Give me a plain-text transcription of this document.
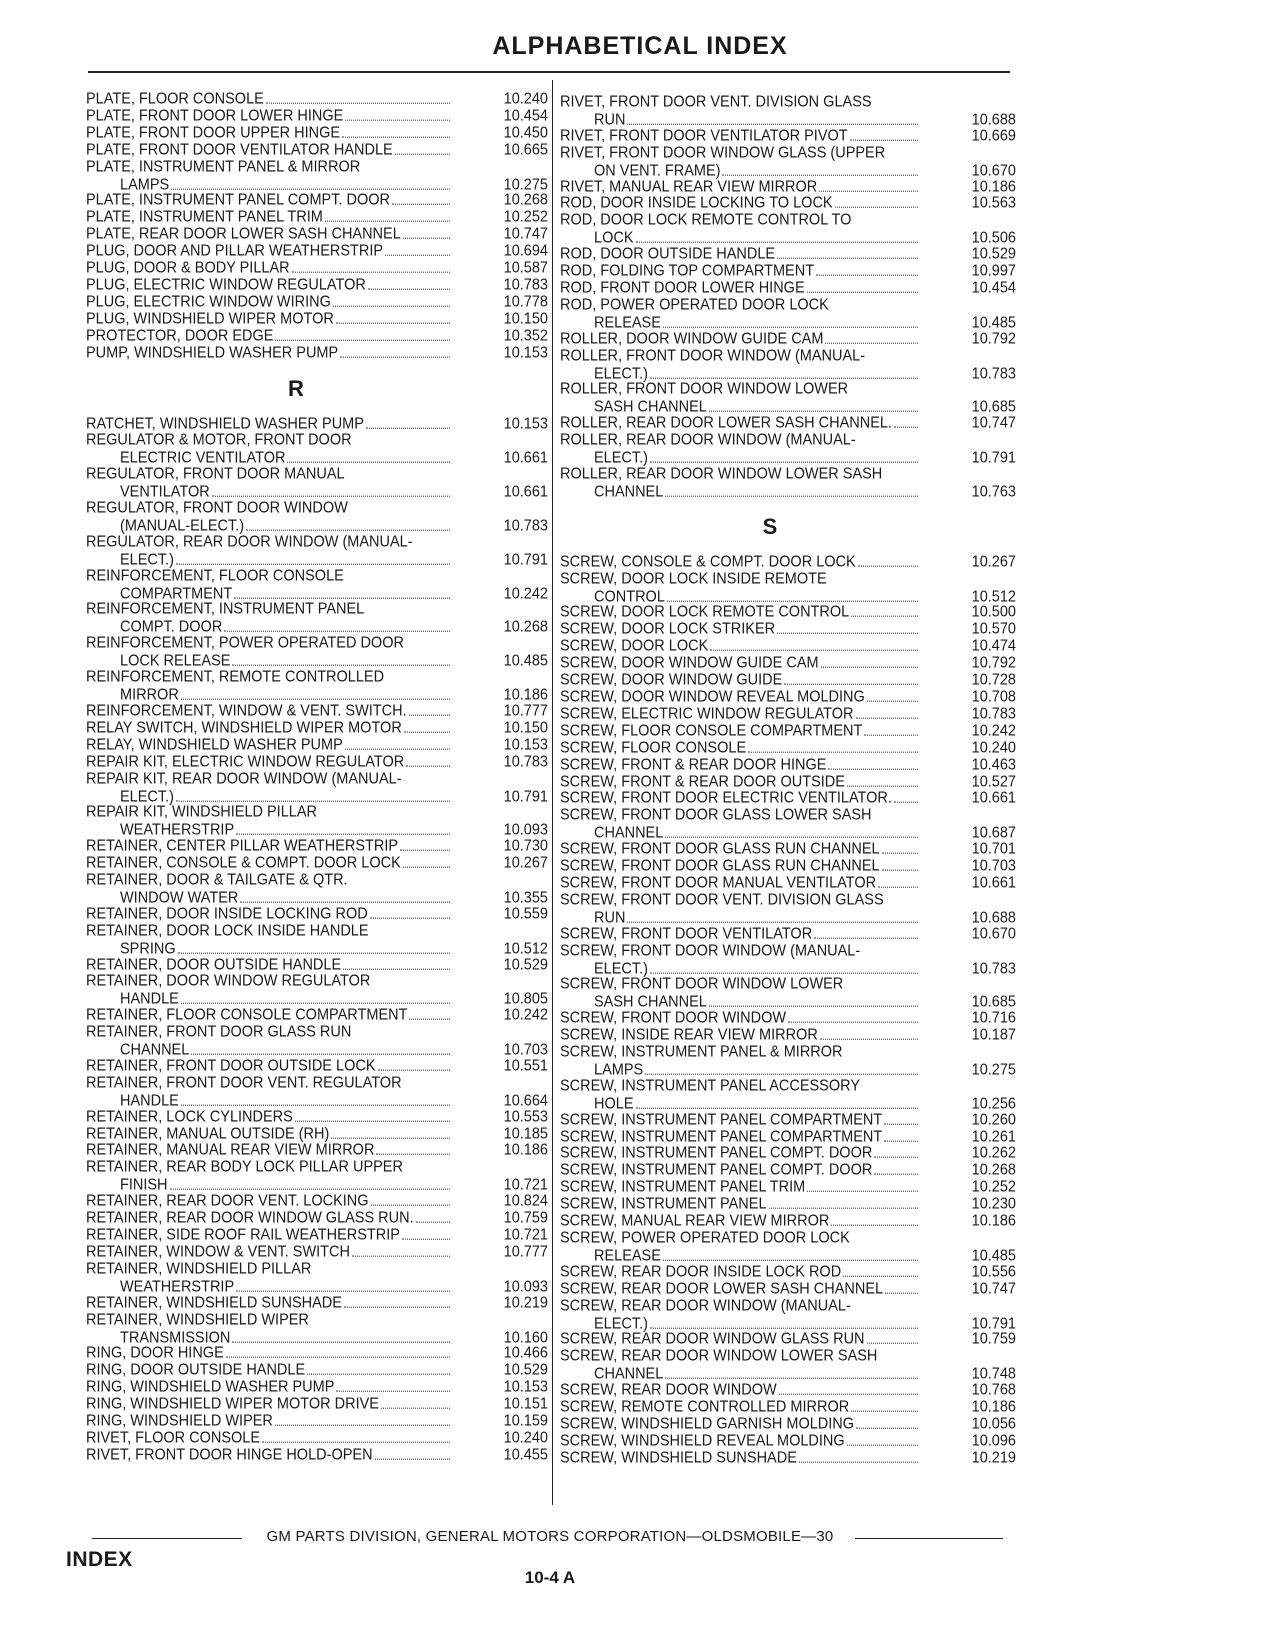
ALPHABETICAL INDEX
PLATE, FLOOR CONSOLE	10.240
PLATE, FRONT DOOR LOWER HINGE	10.454
PLATE, FRONT DOOR UPPER HINGE	10.450
PLATE, FRONT DOOR VENTILATOR HANDLE	10.665
PLATE, INSTRUMENT PANEL & MIRROR
LAMPS	10.275
PLATE, INSTRUMENT PANEL COMPT. DOOR	10.268
PLATE, INSTRUMENT PANEL TRIM	10.252
PLATE, REAR DOOR LOWER SASH CHANNEL	10.747
PLUG, DOOR AND PILLAR WEATHERSTRIP	10.694
PLUG, DOOR & BODY PILLAR	10.587
PLUG, ELECTRIC WINDOW REGULATOR	10.783
PLUG, ELECTRIC WINDOW WIRING	10.778
PLUG, WINDSHIELD WIPER MOTOR	10.150
PROTECTOR, DOOR EDGE	10.352
PUMP, WINDSHIELD WASHER PUMP	10.153
R
RATCHET, WINDSHIELD WASHER PUMP	10.153
REGULATOR & MOTOR, FRONT DOOR
ELECTRIC VENTILATOR	10.661
REGULATOR, FRONT DOOR MANUAL
VENTILATOR	10.661
REGULATOR, FRONT DOOR WINDOW
(MANUAL-ELECT.)	10.783
REGULATOR, REAR DOOR WINDOW (MANUAL-
ELECT.)	10.791
REINFORCEMENT, FLOOR CONSOLE
COMPARTMENT	10.242
REINFORCEMENT, INSTRUMENT PANEL
COMPT. DOOR	10.268
REINFORCEMENT, POWER OPERATED DOOR
LOCK RELEASE	10.485
REINFORCEMENT, REMOTE CONTROLLED
MIRROR	10.186
REINFORCEMENT, WINDOW & VENT. SWITCH.	10.777
RELAY SWITCH, WINDSHIELD WIPER MOTOR	10.150
RELAY, WINDSHIELD WASHER PUMP	10.153
REPAIR KIT, ELECTRIC WINDOW REGULATOR	10.783
REPAIR KIT, REAR DOOR WINDOW (MANUAL-
ELECT.)	10.791
REPAIR KIT, WINDSHIELD PILLAR
WEATHERSTRIP	10.093
RETAINER, CENTER PILLAR WEATHERSTRIP	10.730
RETAINER, CONSOLE & COMPT. DOOR LOCK	10.267
RETAINER, DOOR & TAILGATE & QTR.
WINDOW WATER	10.355
RETAINER, DOOR INSIDE LOCKING ROD	10.559
RETAINER, DOOR LOCK INSIDE HANDLE
SPRING	10.512
RETAINER, DOOR OUTSIDE HANDLE	10.529
RETAINER, DOOR WINDOW REGULATOR
HANDLE	10.805
RETAINER, FLOOR CONSOLE COMPARTMENT	10.242
RETAINER, FRONT DOOR GLASS RUN
CHANNEL	10.703
RETAINER, FRONT DOOR OUTSIDE LOCK	10.551
RETAINER, FRONT DOOR VENT. REGULATOR
HANDLE	10.664
RETAINER, LOCK CYLINDERS	10.553
RETAINER, MANUAL OUTSIDE (RH)	10.185
RETAINER, MANUAL REAR VIEW MIRROR	10.186
RETAINER, REAR BODY LOCK PILLAR UPPER
FINISH	10.721
RETAINER, REAR DOOR VENT. LOCKING	10.824
RETAINER, REAR DOOR WINDOW GLASS RUN.	10.759
RETAINER, SIDE ROOF RAIL WEATHERSTRIP	10.721
RETAINER, WINDOW & VENT. SWITCH	10.777
RETAINER, WINDSHIELD PILLAR
WEATHERSTRIP	10.093
RETAINER, WINDSHIELD SUNSHADE	10.219
RETAINER, WINDSHIELD WIPER
TRANSMISSION	10.160
RING, DOOR HINGE	10.466
RING, DOOR OUTSIDE HANDLE	10.529
RING, WINDSHIELD WASHER PUMP	10.153
RING, WINDSHIELD WIPER MOTOR DRIVE	10.151
RING, WINDSHIELD WIPER	10.159
RIVET, FLOOR CONSOLE	10.240
RIVET, FRONT DOOR HINGE HOLD-OPEN	10.455
RIVET, FRONT DOOR VENT. DIVISION GLASS
RUN	10.688
RIVET, FRONT DOOR VENTILATOR PIVOT	10.669
RIVET, FRONT DOOR WINDOW GLASS (UPPER
ON VENT. FRAME)	10.670
RIVET, MANUAL REAR VIEW MIRROR	10.186
ROD, DOOR INSIDE LOCKING TO LOCK	10.563
ROD, DOOR LOCK REMOTE CONTROL TO
LOCK	10.506
ROD, DOOR OUTSIDE HANDLE	10.529
ROD, FOLDING TOP COMPARTMENT	10.997
ROD, FRONT DOOR LOWER HINGE	10.454
ROD, POWER OPERATED DOOR LOCK
RELEASE	10.485
ROLLER, DOOR WINDOW GUIDE CAM	10.792
ROLLER, FRONT DOOR WINDOW (MANUAL-
ELECT.)	10.783
ROLLER, FRONT DOOR WINDOW LOWER
SASH CHANNEL	10.685
ROLLER, REAR DOOR LOWER SASH CHANNEL.	10.747
ROLLER, REAR DOOR WINDOW (MANUAL-
ELECT.)	10.791
ROLLER, REAR DOOR WINDOW LOWER SASH
CHANNEL	10.763
S
SCREW, CONSOLE & COMPT. DOOR LOCK	10.267
SCREW, DOOR LOCK INSIDE REMOTE
CONTROL	10.512
SCREW, DOOR LOCK REMOTE CONTROL	10.500
SCREW, DOOR LOCK STRIKER	10.570
SCREW, DOOR LOCK	10.474
SCREW, DOOR WINDOW GUIDE CAM	10.792
SCREW, DOOR WINDOW GUIDE	10.728
SCREW, DOOR WINDOW REVEAL MOLDING	10.708
SCREW, ELECTRIC WINDOW REGULATOR	10.783
SCREW, FLOOR CONSOLE COMPARTMENT	10.242
SCREW, FLOOR CONSOLE	10.240
SCREW, FRONT & REAR DOOR HINGE	10.463
SCREW, FRONT & REAR DOOR OUTSIDE	10.527
SCREW, FRONT DOOR ELECTRIC VENTILATOR.	10.661
SCREW, FRONT DOOR GLASS LOWER SASH
CHANNEL	10.687
SCREW, FRONT DOOR GLASS RUN CHANNEL	10.701
SCREW, FRONT DOOR GLASS RUN CHANNEL	10.703
SCREW, FRONT DOOR MANUAL VENTILATOR	10.661
SCREW, FRONT DOOR VENT. DIVISION GLASS
RUN	10.688
SCREW, FRONT DOOR VENTILATOR	10.670
SCREW, FRONT DOOR WINDOW (MANUAL-
ELECT.)	10.783
SCREW, FRONT DOOR WINDOW LOWER
SASH CHANNEL	10.685
SCREW, FRONT DOOR WINDOW	10.716
SCREW, INSIDE REAR VIEW MIRROR	10.187
SCREW, INSTRUMENT PANEL & MIRROR
LAMPS	10.275
SCREW, INSTRUMENT PANEL ACCESSORY
HOLE	10.256
SCREW, INSTRUMENT PANEL COMPARTMENT	10.260
SCREW, INSTRUMENT PANEL COMPARTMENT	10.261
SCREW, INSTRUMENT PANEL COMPT. DOOR	10.262
SCREW, INSTRUMENT PANEL COMPT. DOOR	10.268
SCREW, INSTRUMENT PANEL TRIM	10.252
SCREW, INSTRUMENT PANEL	10.230
SCREW, MANUAL REAR VIEW MIRROR	10.186
SCREW, POWER OPERATED DOOR LOCK
RELEASE	10.485
SCREW, REAR DOOR INSIDE LOCK ROD	10.556
SCREW, REAR DOOR LOWER SASH CHANNEL	10.747
SCREW, REAR DOOR WINDOW (MANUAL-
ELECT.)	10.791
SCREW, REAR DOOR WINDOW GLASS RUN	10.759
SCREW, REAR DOOR WINDOW LOWER SASH
CHANNEL	10.748
SCREW, REAR DOOR WINDOW	10.768
SCREW, REMOTE CONTROLLED MIRROR	10.186
SCREW, WINDSHIELD GARNISH MOLDING	10.056
SCREW, WINDSHIELD REVEAL MOLDING	10.096
SCREW, WINDSHIELD SUNSHADE	10.219
GM PARTS DIVISION, GENERAL MOTORS CORPORATION—OLDSMOBILE—30
INDEX
10-4 A
